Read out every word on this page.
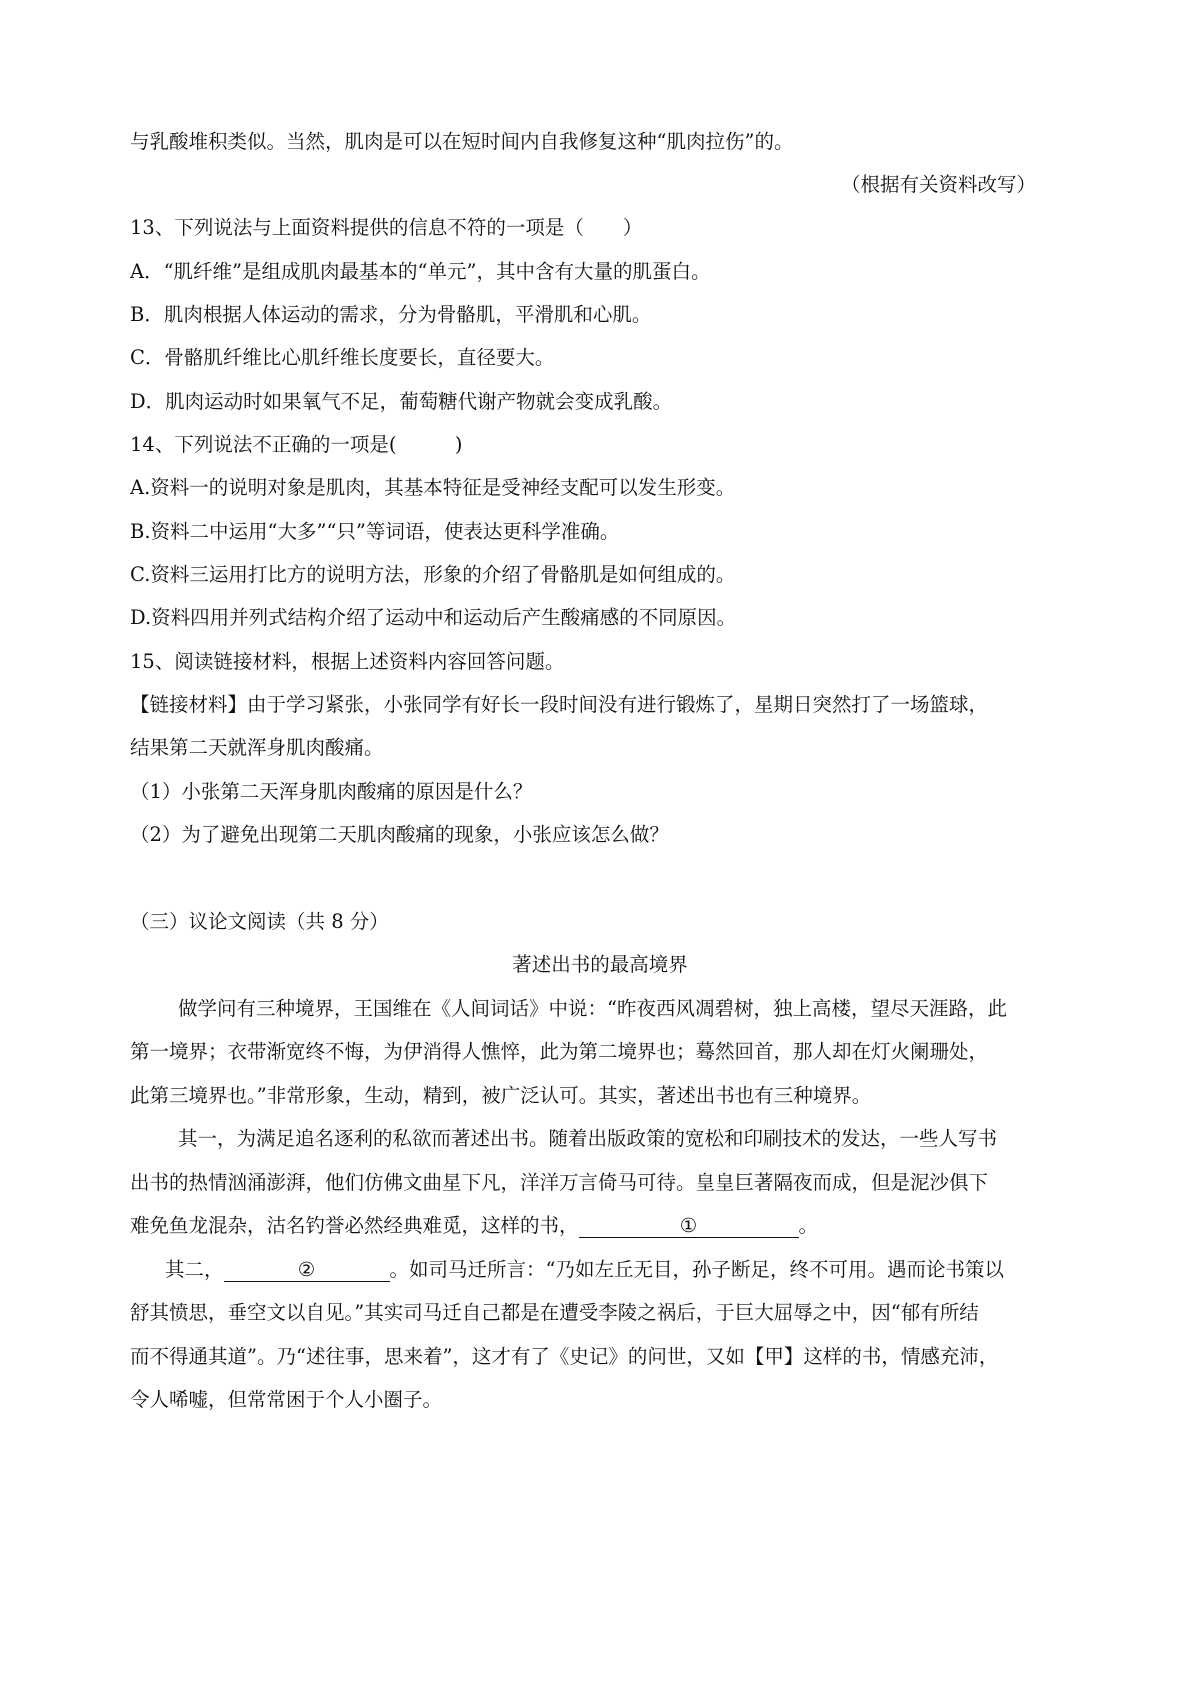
与乳酸堆积类似。当然，肌肉是可以在短时间内自我修复这种“肌肉拉伤”的。
（根据有关资料改写）
13、下列说法与上面资料提供的信息不符的一项是（　　）
A．“肌纤维”是组成肌肉最基本的“单元”，其中含有大量的肌蛋白。
B．肌肉根据人体运动的需求，分为骨骼肌，平滑肌和心肌。
C．骨骼肌纤维比心肌纤维长度要长，直径要大。
D．肌肉运动时如果氧气不足，葡萄糖代谢产物就会变成乳酸。
14、下列说法不正确的一项是(　　　)
A.资料一的说明对象是肌肉，其基本特征是受神经支配可以发生形变。
B.资料二中运用“大多”“只”等词语，使表达更科学准确。
C.资料三运用打比方的说明方法，形象的介绍了骨骼肌是如何组成的。
D.资料四用并列式结构介绍了运动中和运动后产生酸痛感的不同原因。
15、阅读链接材料，根据上述资料内容回答问题。
【链接材料】由于学习紧张，小张同学有好长一段时间没有进行锻炼了，星期日突然打了一场篮球，
结果第二天就浑身肌肉酸痛。
（1）小张第二天浑身肌肉酸痛的原因是什么？
（2）为了避免出现第二天肌肉酸痛的现象，小张应该怎么做？
（三）议论文阅读（共 8 分）
著述出书的最高境界
做学问有三种境界，王国维在《人间词话》中说：“昨夜西风凋碧树，独上高楼，望尽天涯路，此
第一境界；衣带渐宽终不悔，为伊消得人憔悴，此为第二境界也；蓦然回首，那人却在灯火阑珊处，
此第三境界也。”非常形象，生动，精到，被广泛认可。其实，著述出书也有三种境界。
其一，为满足追名逐利的私欲而著述出书。随着出版政策的宽松和印刷技术的发达，一些人写书
出书的热情汹涌澎湃，他们仿佛文曲星下凡，洋洋万言倚马可待。皇皇巨著隔夜而成，但是泥沙俱下
难免鱼龙混杂，沽名钓誉必然经典难觅，这样的书，	①	。
其二，	②	。如司马迁所言：“乃如左丘无目，孙子断足，终不可用。遇而论书策以
舒其愤思，垂空文以自见。”其实司马迁自己都是在遭受李陵之祸后，于巨大屈辱之中，因“郁有所结
而不得通其道”。乃“述往事，思来着”，这才有了《史记》的问世，又如【甲】这样的书，情感充沛，
令人唏嘘，但常常困于个人小圈子。
